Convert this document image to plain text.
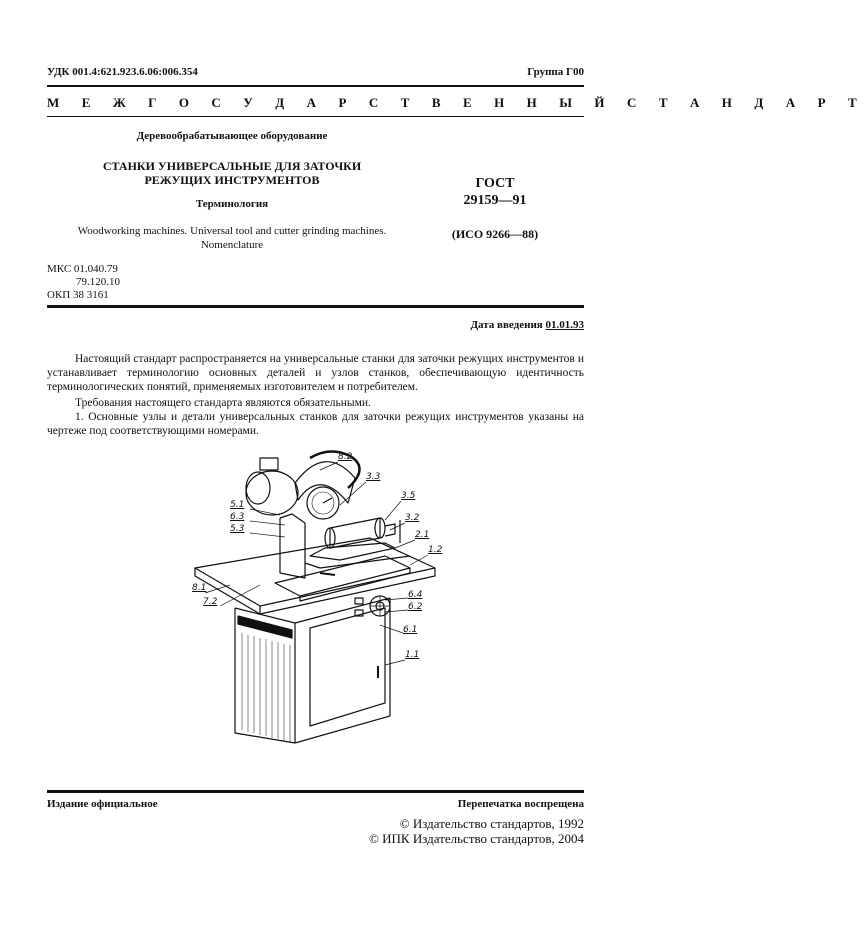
УДК 001.4:621.923.6.06:006.354	Группа Г00
М Е Ж Г О С У Д А Р С Т В Е Н Н Ы Й С Т А Н Д А Р Т
Деревообрабатывающее оборудование
СТАНКИ УНИВЕРСАЛЬНЫЕ ДЛЯ ЗАТОЧКИ
РЕЖУЩИХ ИНСТРУМЕНТОВ
Терминология
Woodworking machines. Universal tool and cutter grinding machines.
Nomenclature
ГОСТ
29159—91
(ИСО 9266—88)
МКС 01.040.79
79.120.10
ОКП 38 3161
Дата введения 01.01.93
Настоящий стандарт распространяется на универсальные станки для заточки режущих инструментов и устанавливает терминологию основных деталей и узлов станков, обеспечивающую идентичность терминологических понятий, применяемых изготовителем и потребителем.
Требования настоящего стандарта являются обязательными.
1. Основные узлы и детали универсальных станков для заточки режущих инструментов указаны на чертеже под соответствующими номерами.
8.2
3.3
3.5
5.1
6.3
5.3
3.2
2.1
1.2
8.1
7.2
6.4
6.2
6.1
1.1
Издание официальное	Перепечатка воспрещена
© Издательство стандартов, 1992
© ИПК Издательство стандартов, 2004
